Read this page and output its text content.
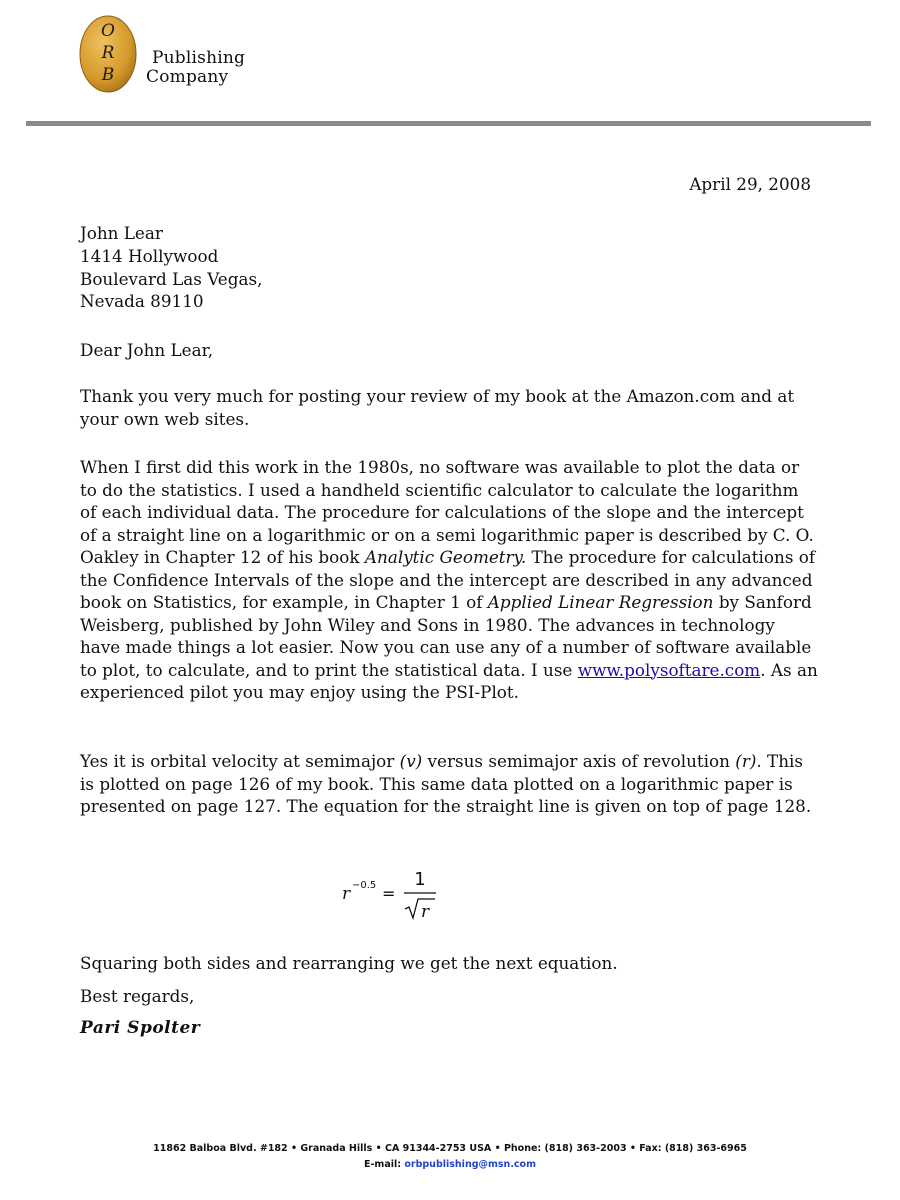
O
R
B
Publishing
Company
April 29, 2008
John Lear
1414 Hollywood
Boulevard Las Vegas,
Nevada 89110
Dear John Lear,

Thank you very much for posting your review of my book at the Amazon.com and at your own web sites.

When I first did this work in the 1980s, no software was available to plot the data or to do the statistics. I used a handheld scientific calculator to calculate the logarithm of each individual data. The procedure for calculations of the slope and the intercept of a straight line on a logarithmic or on a semi logarithmic paper is described by C. O. Oakley in Chapter 12 of his book Analytic Geometry. The procedure for calculations of the Confidence Intervals of the slope and the intercept are described in any advanced book on Statistics, for example, in Chapter 1 of Applied Linear Regression by Sanford Weisberg, published by John Wiley and Sons in 1980. The advances in technology have made things a lot easier. Now you can use any of a number of software available to plot, to calculate, and to print the statistical data. I use www.polysoftare.com. As an experienced pilot you may enjoy using the PSI-Plot.

Yes it is orbital velocity at semimajor (v) versus semimajor axis of revolution (r). This is plotted on page 126 of my book. This same data plotted on a logarithmic paper is presented on page 127. The equation for the straight line is given on top of page 128.

r −0.5 =
1
r

Squaring both sides and rearranging we get the next equation.

Best regards,
Pari Spolter
11862 Balboa Blvd. #182 • Granada Hills • CA 91344-2753 USA • Phone: (818) 363-2003 • Fax: (818) 363-6965
E-mail: orbpublishing@msn.com
